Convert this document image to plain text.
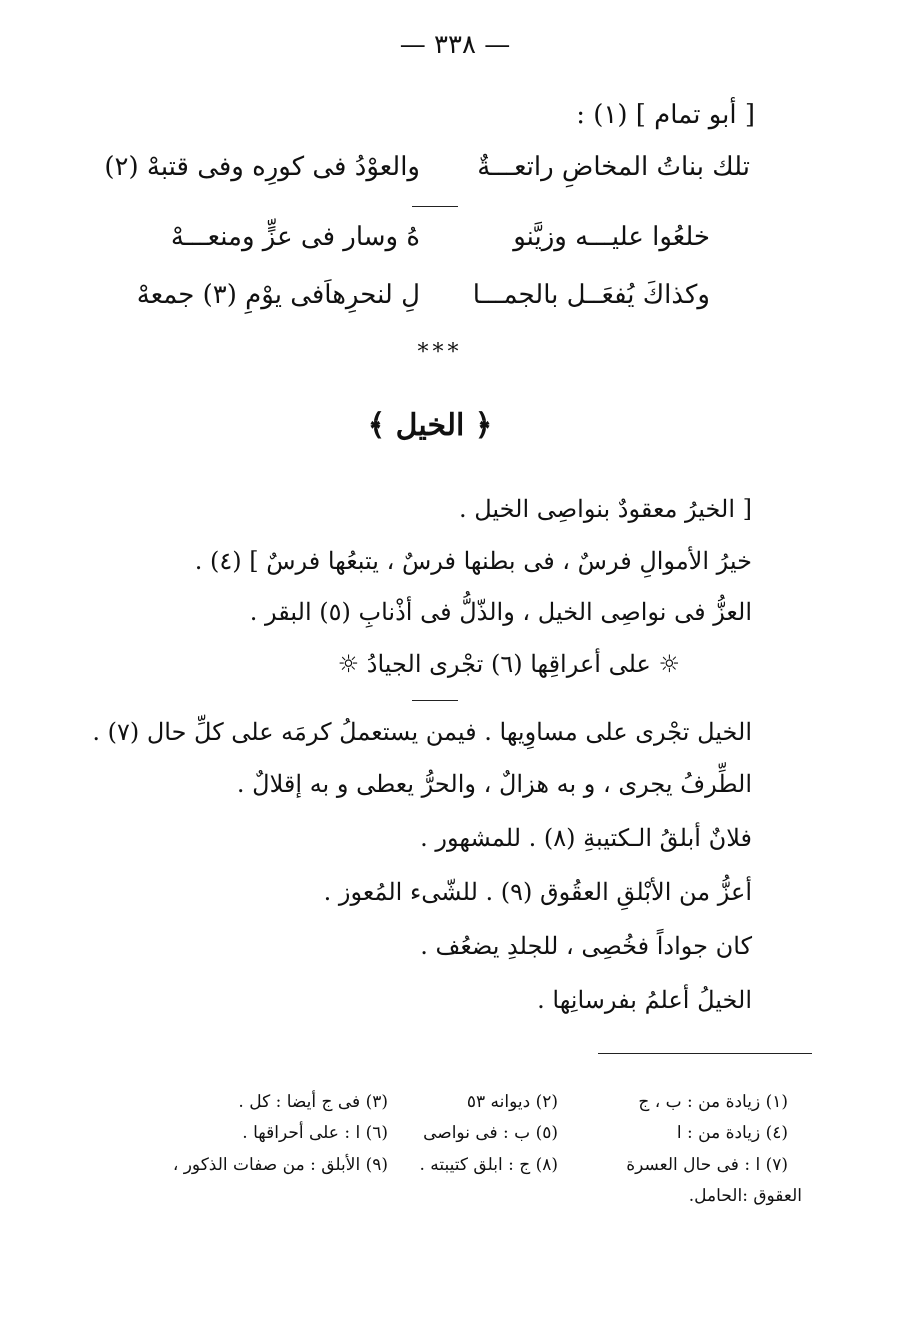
— ٣٣٨ —
[ أبو تمام ] (١) :
تلك بناتُ المخاضِ راتعـــةٌ
والعوْدُ فى كورِه وفى قتبهْ (٢)
خلعُوا عليـــه وزيَّنو
هُ وسار فى عزٍّ ومنعـــهْ
وكذاكَ يُفعَــل بالجمـــا
لِ لنحرِهاَفى يوْمِ (٣) جمعهْ
***
﴿ الخيل ﴾
[ الخيرُ معقودٌ بنواصِى الخيل .
خيرُ الأموالِ فرسٌ ، فى بطنها فرسٌ ، يتبعُها فرسٌ ] (٤) .
العزُّ فى نواصِى الخيل ، والذّلُّ فى أذْنابِ (٥) البقر .
☼ على أعراقِها (٦) تجْرى الجيادُ ☼
الخيل تجْرى على مساوِيها . فيمن يستعملُ كرمَه على كلِّ حال (٧) .
الطِّرفُ يجرى ، و به هزالٌ ، والحرُّ يعطى و به إقلالٌ .
فلانٌ أبلقُ الـكتيبةِ (٨) . للمشهور .
أعزُّ من الأبْلقِ العقُوق (٩) . للشّىء المُعوز .
كان جواداً فخُصِى ، للجلدِ يضعُف .
الخيلُ أعلمُ بفرسانِها .
(١) زيادة من : ب ، ج
(٢) ديوانه ٥٣
(٣) فى ج أيضا : كل .
(٤) زيادة من : ا
(٥) ب : فى نواصى
(٦) ا : على أحراقها .
(٧) ا : فى حال العسرة
(٨) ج : ابلق كتيبته .
(٩) الأبلق : من صفات الذكور ،
العقوق :الحامل.
